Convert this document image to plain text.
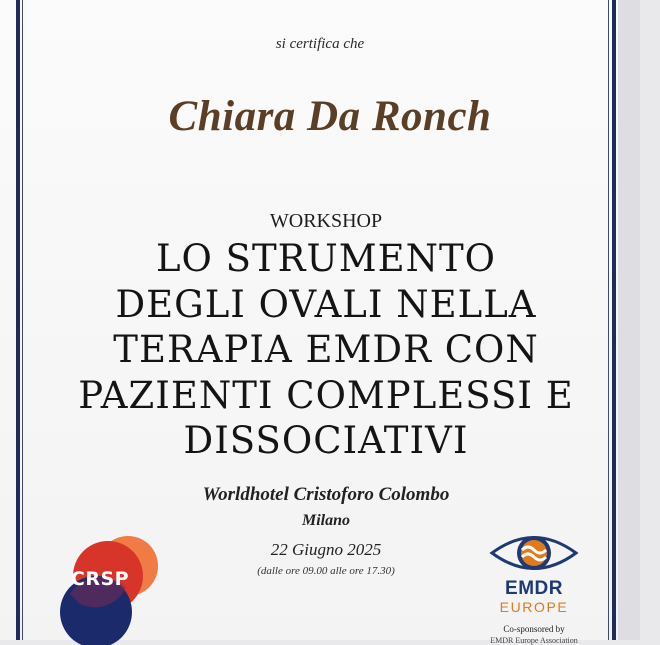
si certifica che
Chiara Da Ronch
WORKSHOP
LO STRUMENTO
DEGLI OVALI NELLA
TERAPIA EMDR CON
PAZIENTI COMPLESSI E
DISSOCIATIVI
Worldhotel Cristoforo Colombo
Milano
22 Giugno 2025
(dalle ore 09.00 alle ore 17.30)
CRSP	EMDR
EUROPE
Co-sponsored by
EMDR Europe Association
